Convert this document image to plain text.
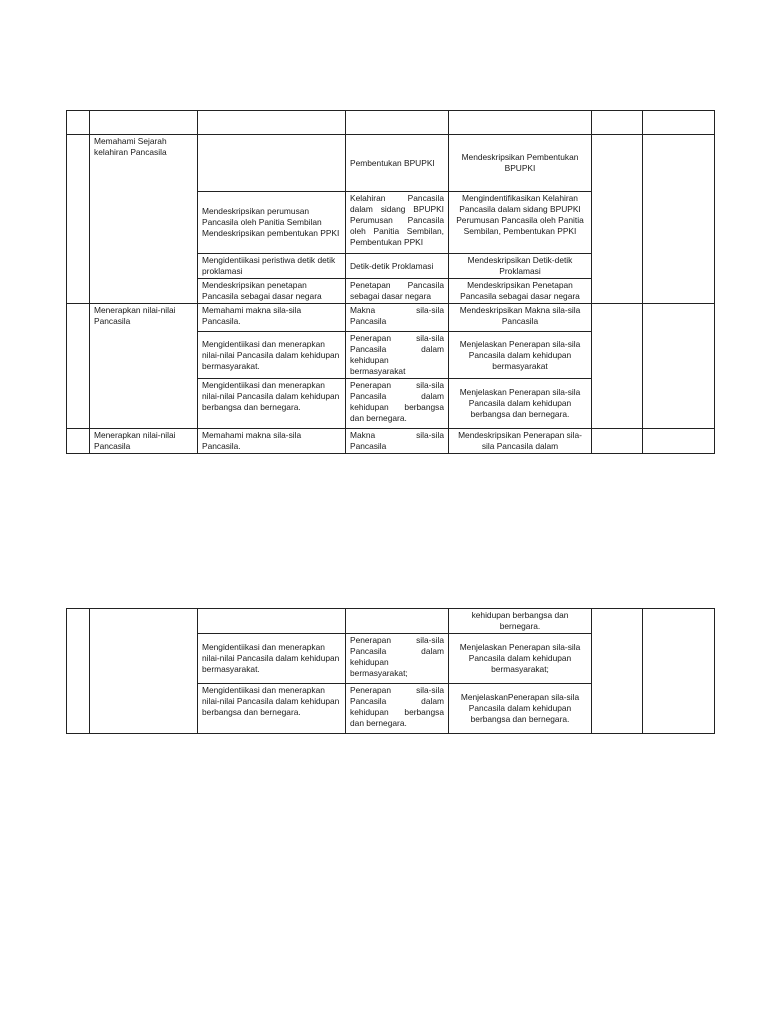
	Memahami Sejarah kelahiran Pancasila		Pembentukan BPUPKI	Mendeskripsikan Pembentukan BPUPKI		
		Mendeskripsikan perumusan Pancasila oleh Panitia Sembilan Mendeskripsikan pembentukan PPKI	Kelahiran Pancasila dalam sidang BPUPKI Perumusan Pancasila oleh Panitia Sembilan, Pembentukan PPKI	Mengindentifikasikan Kelahiran Pancasila dalam sidang BPUPKI Perumusan Pancasila oleh Panitia Sembilan, Pembentukan PPKI		
		Mengidentiikasi peristiwa detik detik proklamasi	Detik-detik Proklamasi	Mendeskripsikan Detik-detik Proklamasi		
		Mendeskripsikan penetapan Pancasila sebagai dasar negara	Penetapan Pancasila sebagai dasar negara	Mendeskripsikan Penetapan Pancasila sebagai dasar negara		
	Menerapkan nilai-nilai Pancasila	Memahami makna sila-sila Pancasila.	Makna sila-sila Pancasila	Mendeskripsikan Makna sila-sila Pancasila		
		Mengidentiikasi dan menerapkan nilai-nilai Pancasila dalam kehidupan bermasyarakat.	Penerapan sila-sila Pancasila dalam kehidupan bermasyarakat	Menjelaskan Penerapan sila-sila Pancasila dalam kehidupan bermasyarakat		
		Mengidentiikasi dan menerapkan nilai-nilai Pancasila dalam kehidupan berbangsa dan bernegara.	Penerapan sila-sila Pancasila dalam kehidupan berbangsa dan bernegara.	Menjelaskan Penerapan sila-sila Pancasila dalam kehidupan berbangsa dan bernegara.		
	Menerapkan nilai-nilai Pancasila	Memahami makna sila-sila Pancasila.	Makna sila-sila Pancasila	Mendeskripsikan Penerapan sila-sila Pancasila dalam		
				kehidupan berbangsa dan bernegara.		
		Mengidentiikasi dan menerapkan nilai-nilai Pancasila dalam kehidupan bermasyarakat.	Penerapan sila-sila Pancasila dalam kehidupan bermasyarakat;	Menjelaskan Penerapan sila-sila Pancasila dalam kehidupan bermasyarakat;		
		Mengidentiikasi dan menerapkan nilai-nilai Pancasila dalam kehidupan berbangsa dan bernegara.	Penerapan sila-sila Pancasila dalam kehidupan berbangsa dan bernegara.	MenjelaskanPenerapan sila-sila Pancasila dalam kehidupan berbangsa dan bernegara.		
